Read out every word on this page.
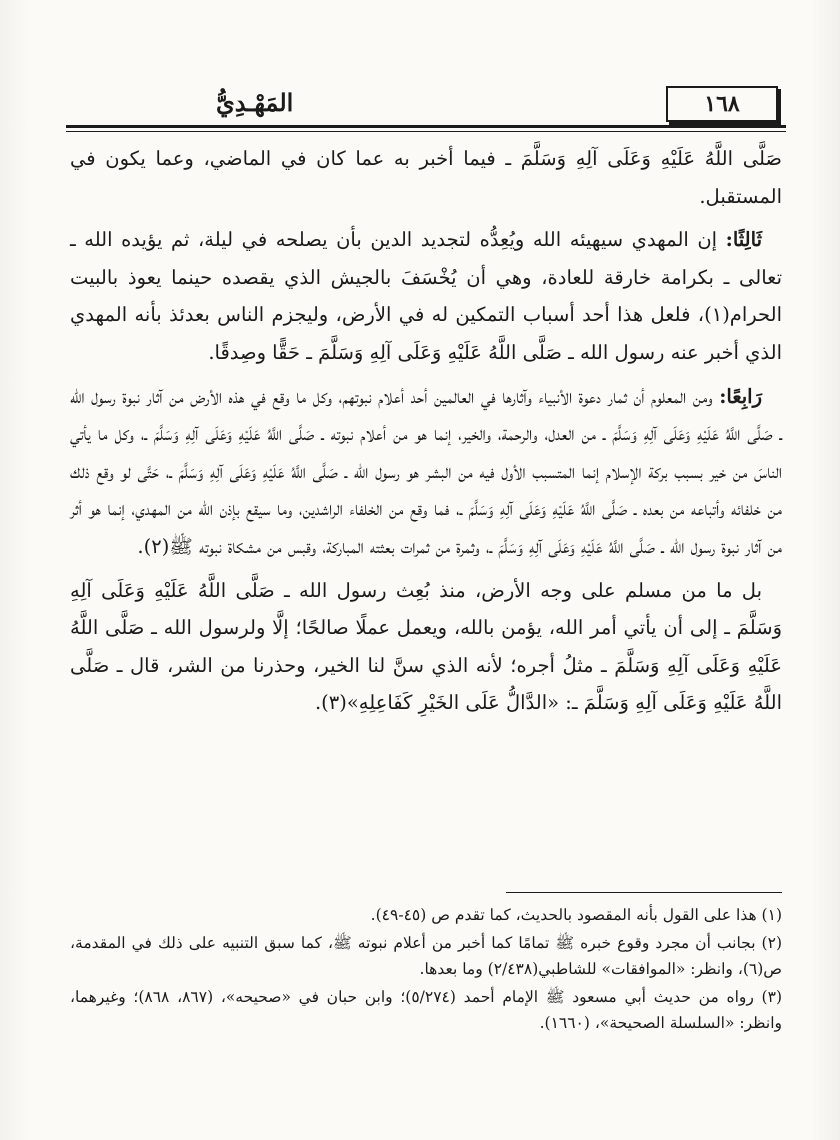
١٦٨
المَهْـدِيُّ

صَلَّى اللَّهُ عَلَيْهِ وَعَلَى آلِهِ وَسَلَّمَ ـ فيما أخبر به عما كان في الماضي، وعما يكون في المستقبل.

ثَالِثًا: إن المهدي سيهيئه الله ويُعِدُّه لتجديد الدين بأن يصلحه في ليلة، ثم يؤيده الله ـ تعالى ـ بكرامة خارقة للعادة، وهي أن يُخْسَفَ بالجيش الذي يقصده حينما يعوذ بالبيت الحرام(١)، فلعل هذا أحد أسباب التمكين له في الأرض، وليجزم الناس بعدئذ بأنه المهدي الذي أخبر عنه رسول الله ـ صَلَّى اللَّهُ عَلَيْهِ وَعَلَى آلِهِ وَسَلَّمَ ـ حَقًّا وصِدقًا.

رَابِعًا: ومن المعلوم أن ثمار دعوة الأنبياء وآثارها في العالمين أحد أعلام نبوتهم، وكل ما وقع في هذه الأرض من آثار نبوة رسول الله ـ صَلَّى اللَّهُ عَلَيْهِ وَعَلَى آلِهِ وَسَلَّمَ ـ من العدل، والرحمة، والخير، إنما هو من أعلام نبوته ـ صَلَّى اللَّهُ عَلَيْهِ وَعَلَى آلِهِ وَسَلَّمَ ـ، وكل ما يأتي الناسَ من خير بسبب بركة الإسلام إنما المتسبب الأول فيه من البشر هو رسول الله ـ صَلَّى اللَّهُ عَلَيْهِ وَعَلَى آلِهِ وَسَلَّمَ ـ، حَتَّى لو وقع ذلك من خلفائه وأتباعه من بعده ـ صَلَّى اللَّهُ عَلَيْهِ وَعَلَى آلِهِ وَسَلَّمَ ـ، فما وقع من الخلفاء الراشدين، وما سيقع بإذن الله من المهدي، إنما هو أثر من آثار نبوة رسول الله ـ صَلَّى اللَّهُ عَلَيْهِ وَعَلَى آلِهِ وَسَلَّمَ ـ، وثمرة من ثمرات بعثته المباركة، وقبس من مشكاة نبوته ﷺ(٢).

بل ما من مسلم على وجه الأرض، منذ بُعِث رسول الله ـ صَلَّى اللَّهُ عَلَيْهِ وَعَلَى آلِهِ وَسَلَّمَ ـ إلى أن يأتي أمر الله، يؤمن بالله، ويعمل عملًا صالحًا؛ إلَّا ولرسول الله ـ صَلَّى اللَّهُ عَلَيْهِ وَعَلَى آلِهِ وَسَلَّمَ ـ مثلُ أجره؛ لأنه الذي سنَّ لنا الخير، وحذرنا من الشر، قال ـ صَلَّى اللَّهُ عَلَيْهِ وَعَلَى آلِهِ وَسَلَّمَ ـ: «الدَّالُّ عَلَى الخَيْرِ كَفَاعِلِهِ»(٣).

(١) هذا على القول بأنه المقصود بالحديث، كما تقدم ص (٤٥-٤٩).

(٢) بجانب أن مجرد وقوع خبره ﷺ تمامًا كما أخبر من أعلام نبوته ﷺ، كما سبق التنبيه على ذلك في المقدمة، ص(٦)، وانظر: «الموافقات» للشاطبي(٢/٤٣٨) وما بعدها.

(٣) رواه من حديث أبي مسعود ﷺ الإمام أحمد (٥/٢٧٤)؛ وابن حبان في «صحيحه»، (٨٦٧، ٨٦٨)؛ وغيرهما، وانظر: «السلسلة الصحيحة»، (١٦٦٠).
